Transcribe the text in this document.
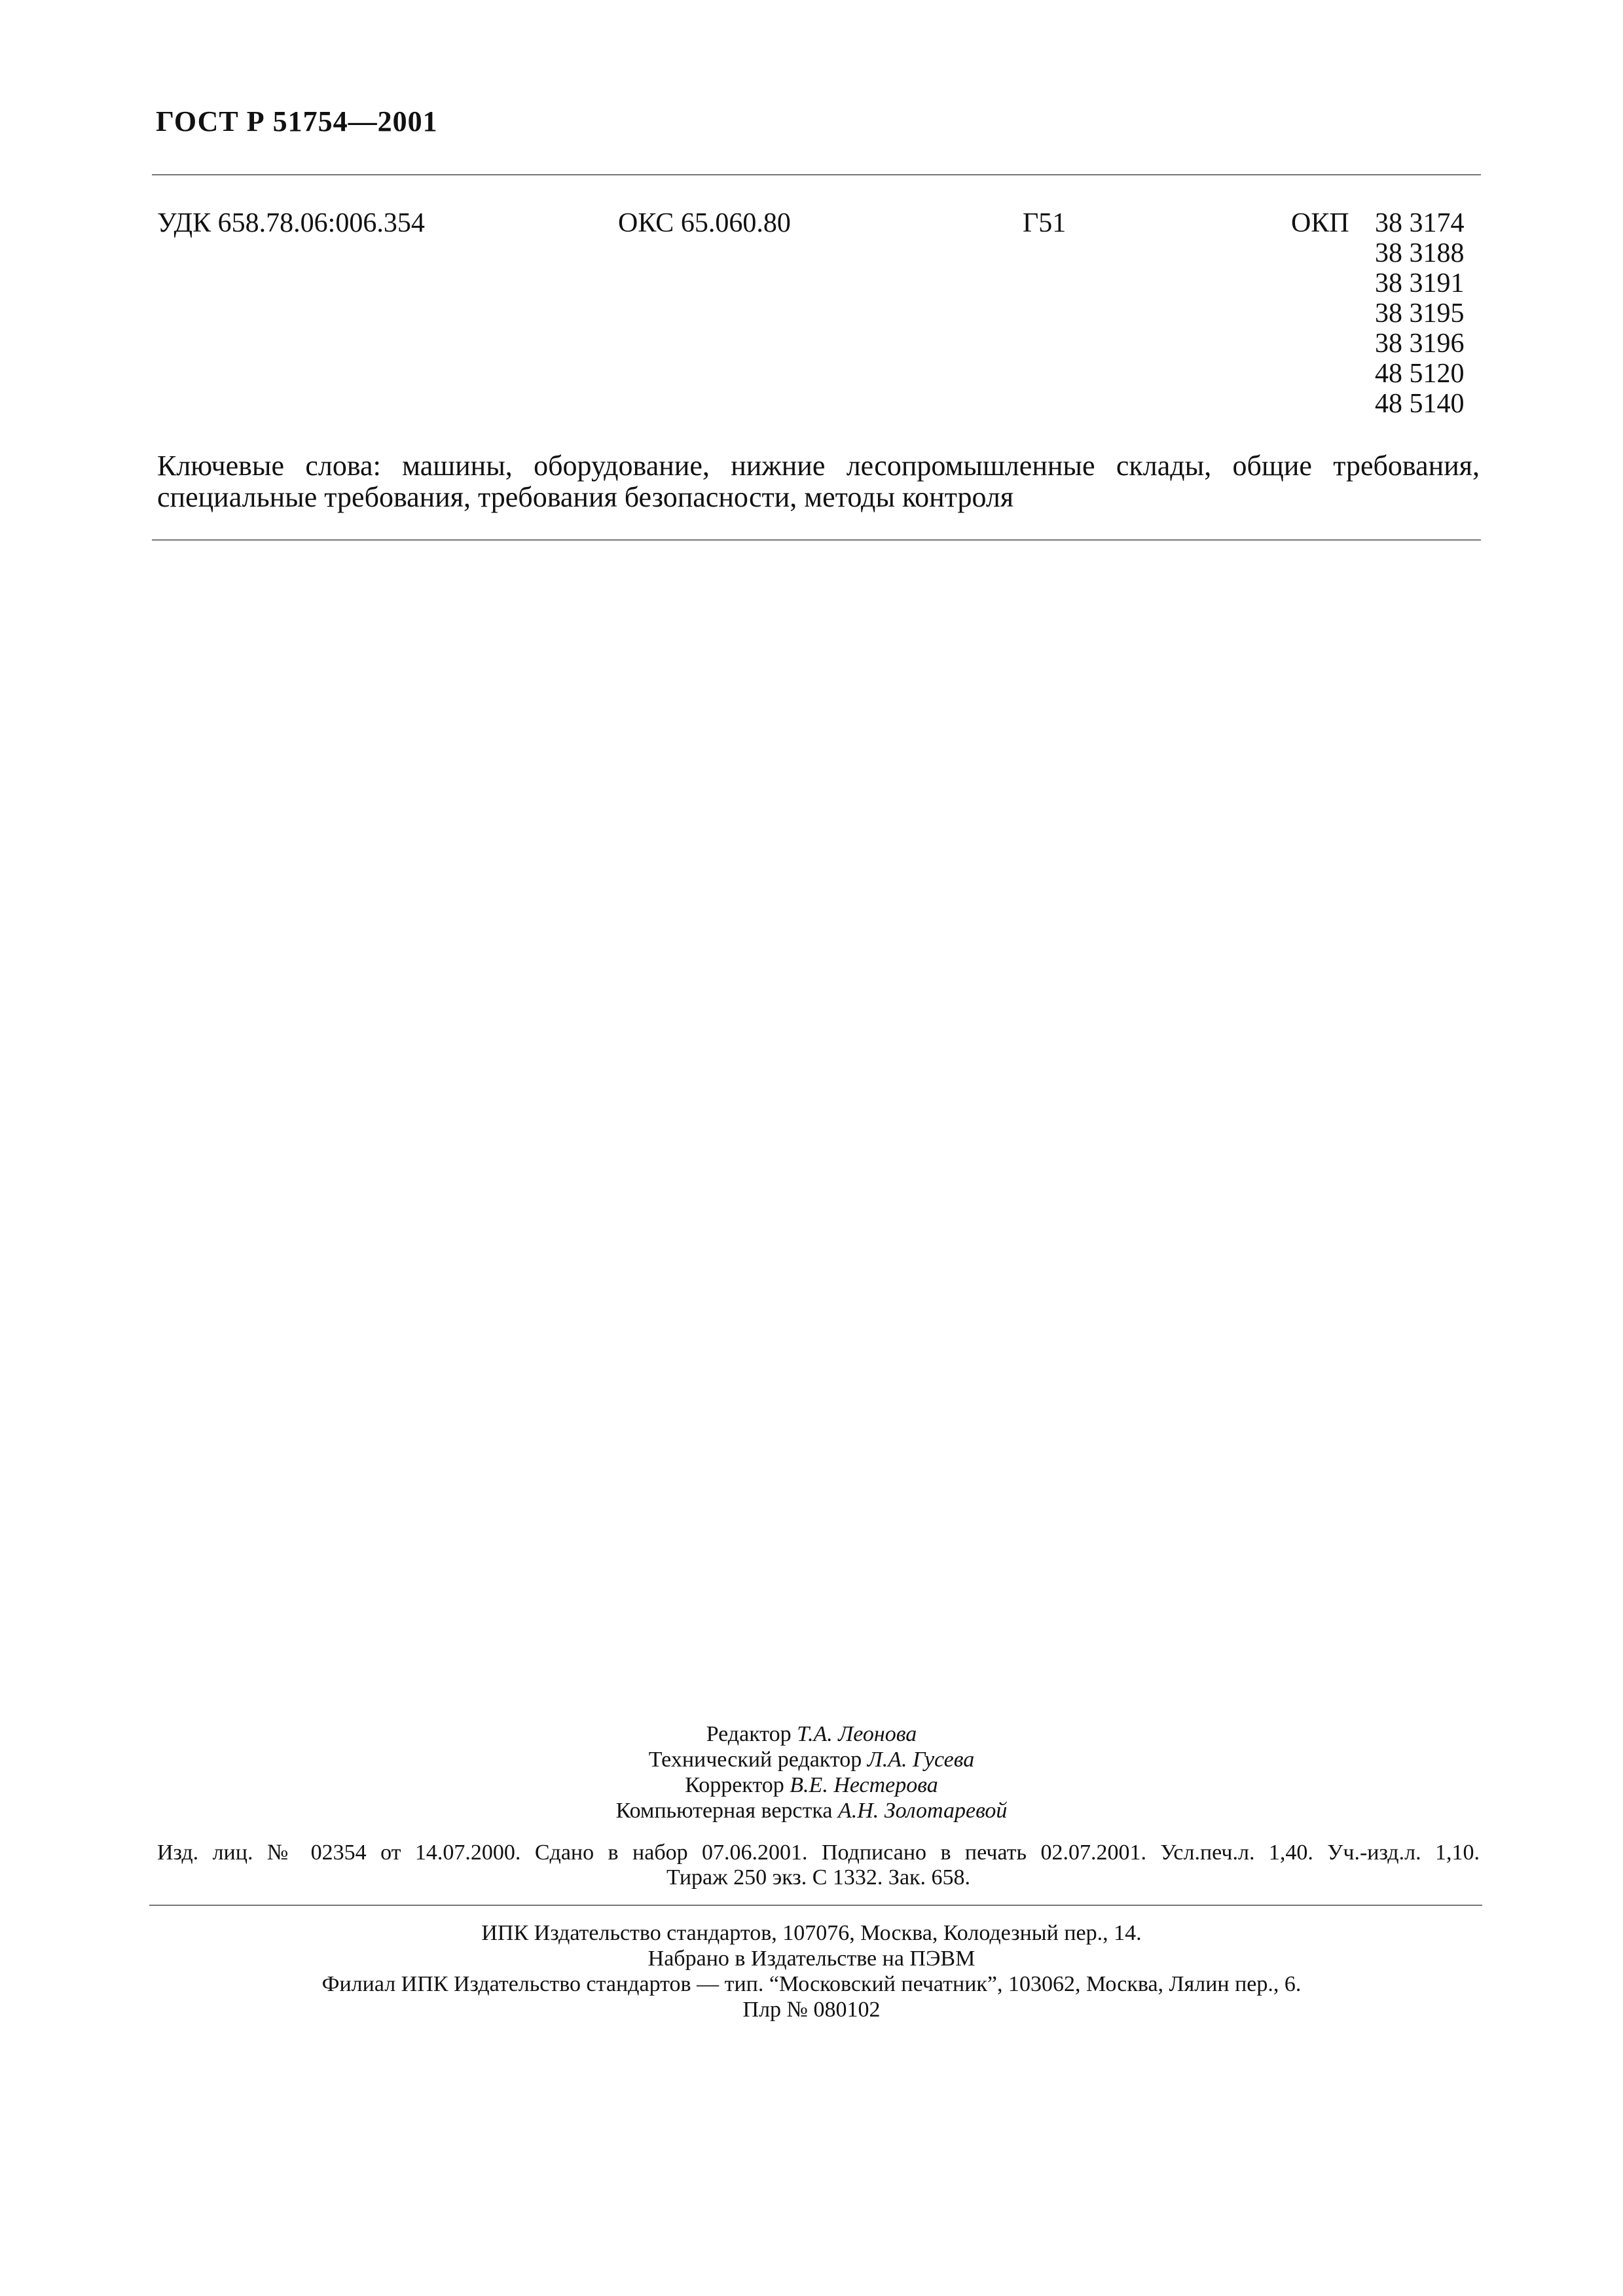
ГОСТ Р 51754—2001
УДК 658.78.06:006.354	ОКС 65.060.80	Г51	ОКП 38 3174
38 3188
38 3191
38 3195
38 3196
48 5120
48 5140
Ключевые слова: машины, оборудование, нижние лесопромышленные склады, общие требования,
специальные требования, требования безопасности, методы контроля
Редактор Т.А. Леонова
Технический редактор Л.А. Гусева
Корректор В.Е. Нестерова
Компьютерная верстка А.Н. Золотаревой
Изд. лиц. № 02354 от 14.07.2000. Сдано в набор 07.06.2001. Подписано в печать 02.07.2001. Усл.печ.л. 1,40. Уч.-изд.л. 1,10.
Тираж 250 экз. С 1332. Зак. 658.
ИПК Издательство стандартов, 107076, Москва, Колодезный пер., 14.
Набрано в Издательстве на ПЭВМ
Филиал ИПК Издательство стандартов — тип. “Московский печатник”, 103062, Москва, Лялин пер., 6.
Плр № 080102
